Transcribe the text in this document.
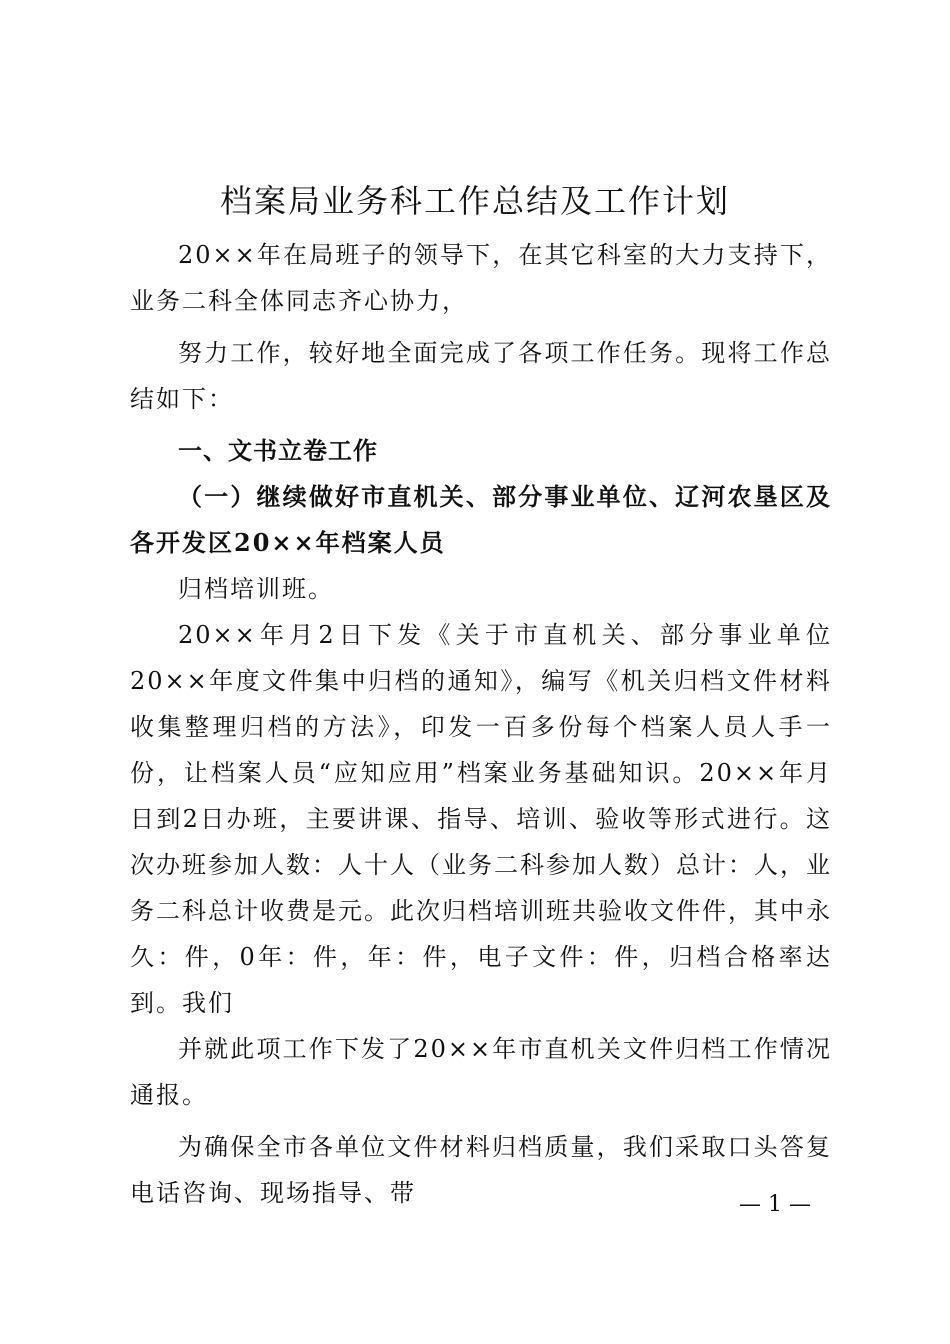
档案局业务科工作总结及工作计划

20××年在局班子的领导下，在其它科室的大力支持下，业务二科全体同志齐心协力，

努力工作，较好地全面完成了各项工作任务。现将工作总结如下：

一、文书立卷工作

（一）继续做好市直机关、部分事业单位、辽河农垦区及各开发区20××年档案人员

归档培训班。

20××年月2日下发《关于市直机关、部分事业单位20××年度文件集中归档的通知》，编写《机关归档文件材料收集整理归档的方法》，印发一百多份每个档案人员人手一份，让档案人员“应知应用”档案业务基础知识。20××年月日到2日办班，主要讲课、指导、培训、验收等形式进行。这次办班参加人数：人十人（业务二科参加人数）总计：人，业务二科总计收费是元。此次归档培训班共验收文件件，其中永久：件，0年：件，年：件，电子文件：件，归档合格率达到。我们

并就此项工作下发了20××年市直机关文件归档工作情况通报。

为确保全市各单位文件材料归档质量，我们采取口头答复电话咨询、现场指导、带	— 1 —
